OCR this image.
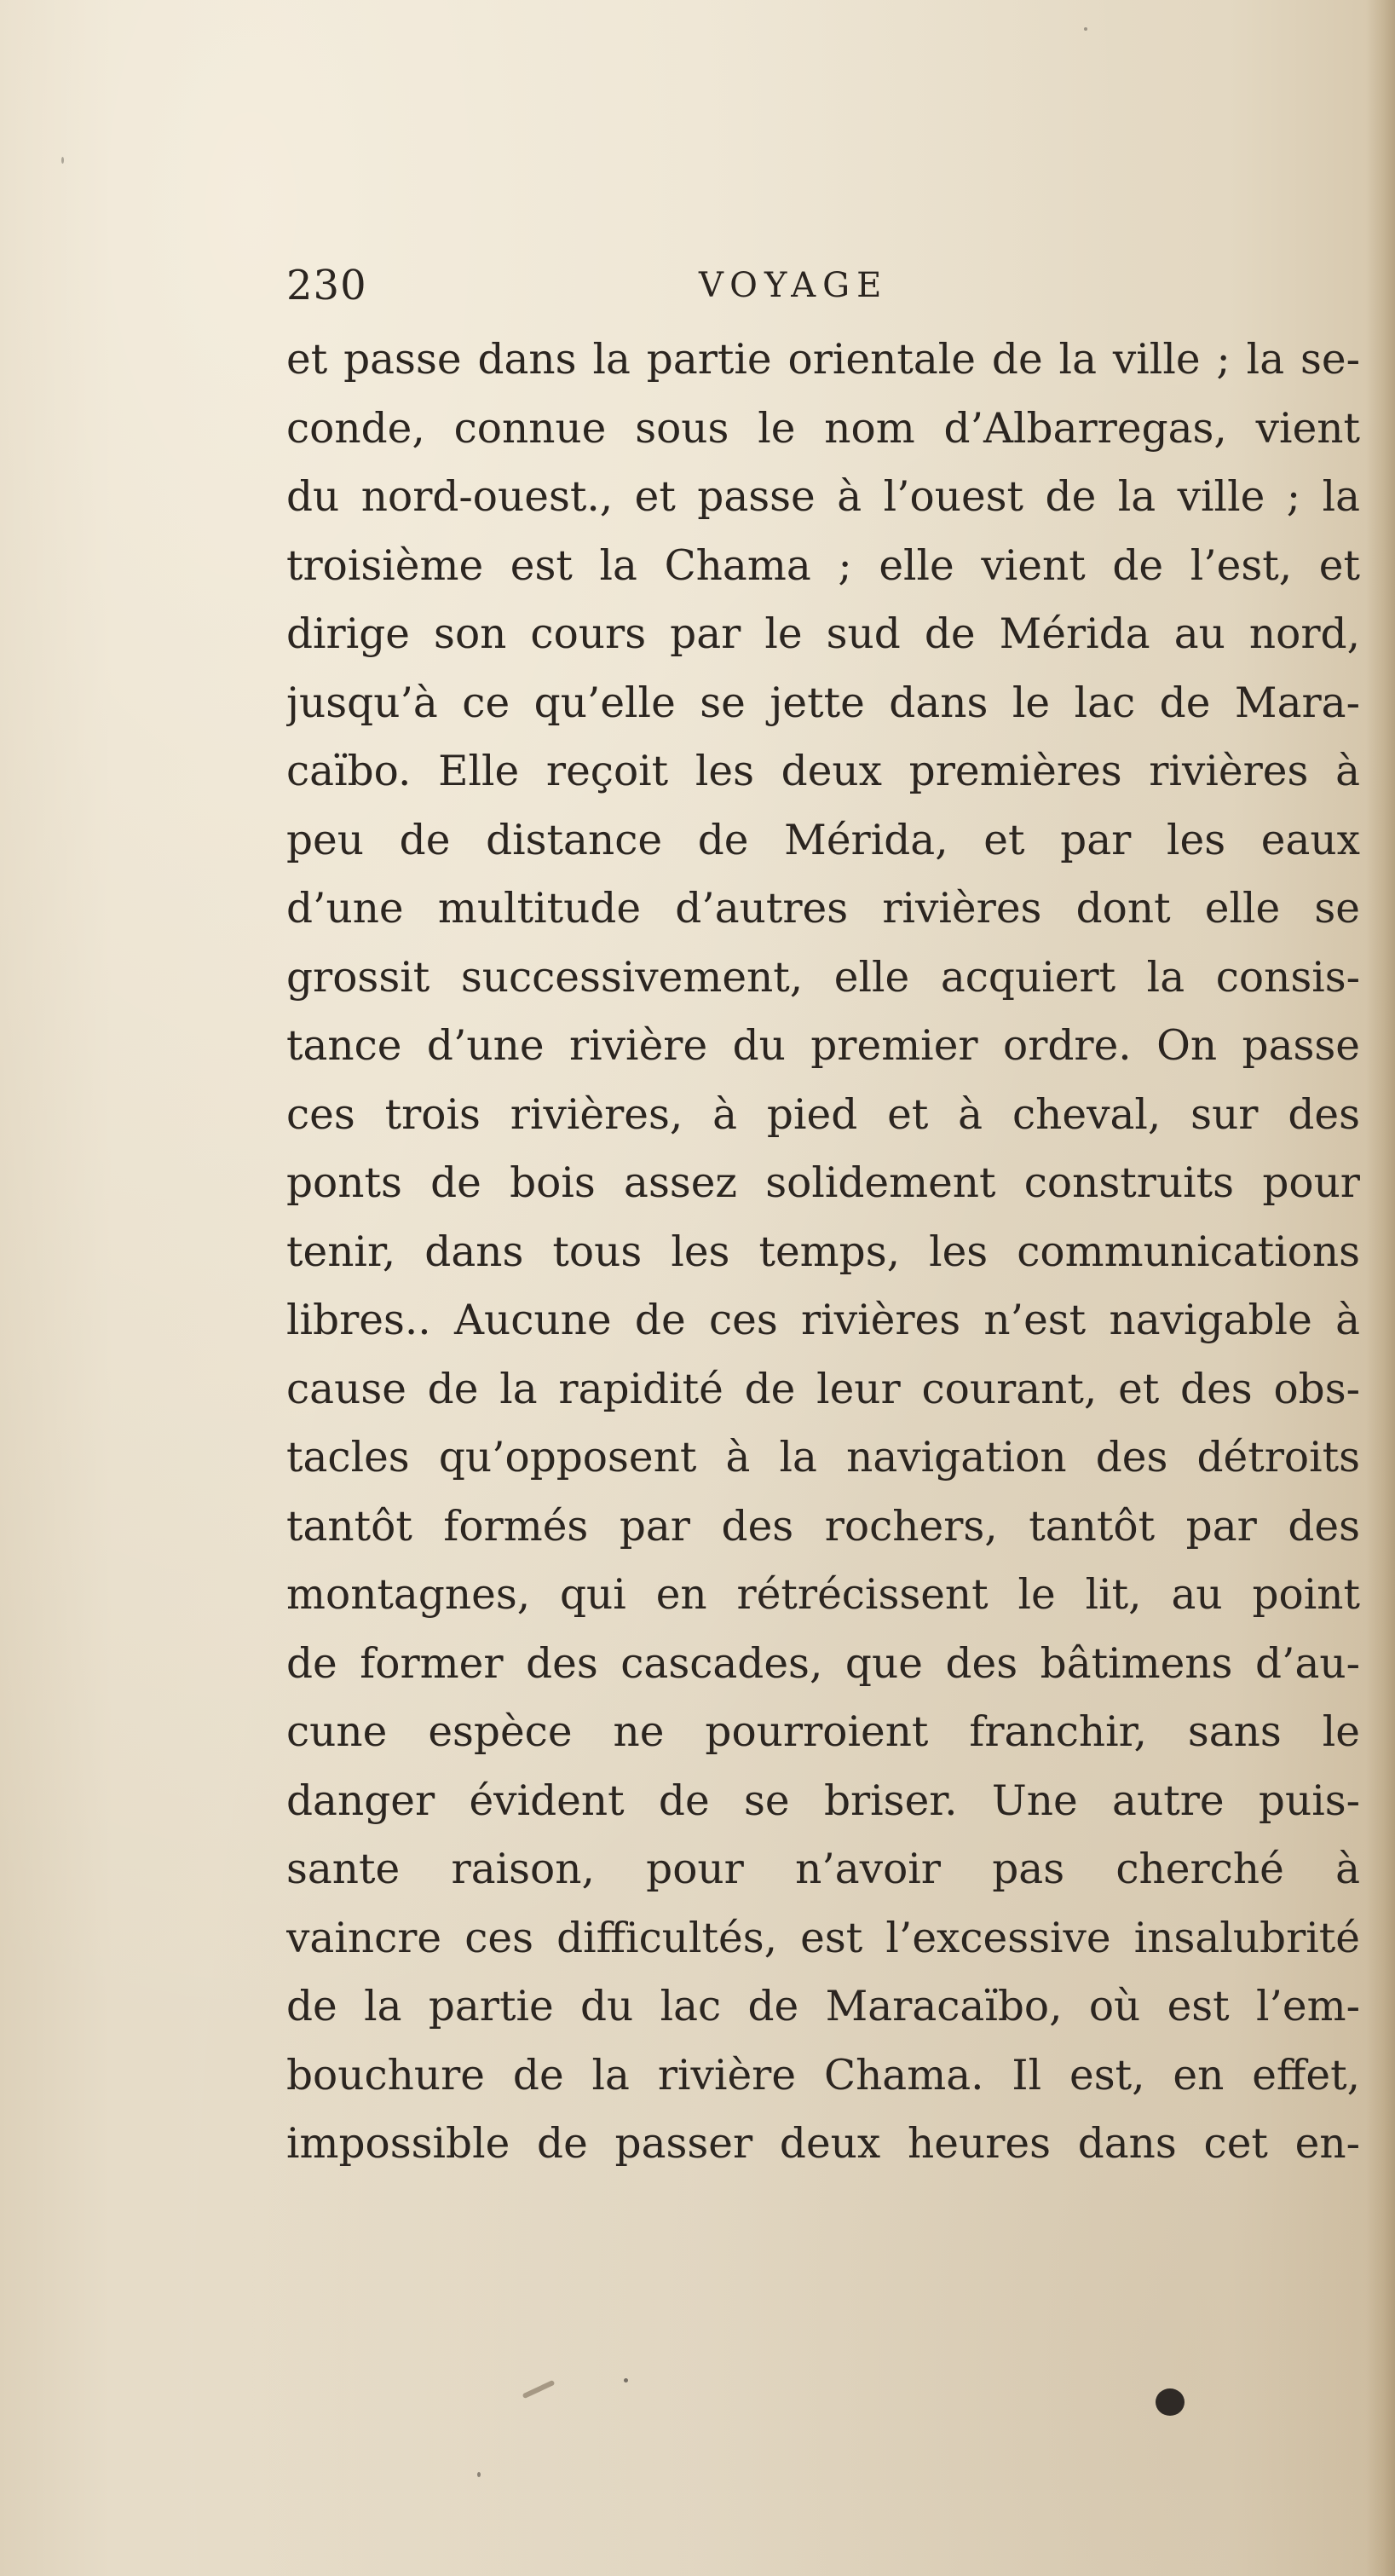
230	VOYAGE
et passe dans la partie orientale de la ville ; la se-
conde, connue sous le nom d’Albarregas, vient
du nord-ouest., et passe à l’ouest de la ville ; la
troisième est la Chama ; elle vient de l’est, et
dirige son cours par le sud de Mérida au nord,
jusqu’à ce qu’elle se jette dans le lac de Mara-
caïbo. Elle reçoit les deux premières rivières à
peu de distance de Mérida, et par les eaux
d’une multitude d’autres rivières dont elle se
grossit successivement, elle acquiert la consis-
tance d’une rivière du premier ordre. On passe
ces trois rivières, à pied et à cheval, sur des
ponts de bois assez solidement construits pour
tenir, dans tous les temps, les communications
libres.. Aucune de ces rivières n’est navigable à
cause de la rapidité de leur courant, et des obs-
tacles qu’opposent à la navigation des détroits
tantôt formés par des rochers, tantôt par des
montagnes, qui en rétrécissent le lit, au point
de former des cascades, que des bâtimens d’au-
cune espèce ne pourroient franchir, sans le
danger évident de se briser. Une autre puis-
sante raison, pour n’avoir pas cherché à
vaincre ces difficultés, est l’excessive insalubrité
de la partie du lac de Maracaïbo, où est l’em-
bouchure de la rivière Chama. Il est, en effet,
impossible de passer deux heures dans cet en-
